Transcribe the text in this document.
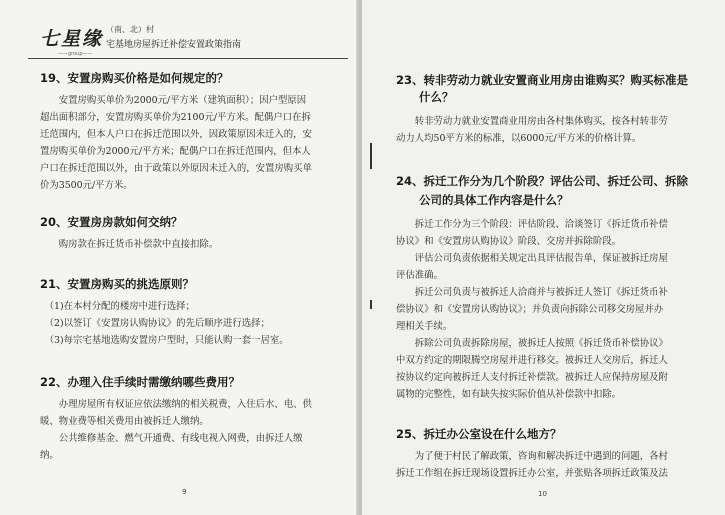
七星缘
——group——
（南、北）村
宅基地房屋拆迁补偿安置政策指南
19、安置房购买价格是如何规定的？
　　安置房购买单价为2000元/平方米（建筑面积）；因户型原因
超出面积部分，安置房购买单价为2100元/平方米。配偶户口在拆
迁范围内，但本人户口在拆迁范围以外，因政策原因未迁入的，安
置房购买单价为2000元/平方米；配偶户口在拆迁范围内，但本人
户口在拆迁范围以外，由于政策以外原因未迁入的，安置房购买单
价为3500元/平方米。
20、安置房房款如何交纳？
　　购房款在拆迁货币补偿款中直接扣除。
21、安置房购买的挑选原则？
　（1)在本村分配的楼房中进行选择；
　（2)以签订《安置房认购协议》的先后顺序进行选择；
　（3)每宗宅基地选购安置房户型时，只能认购一套一居室。
22、办理入住手续时需缴纳哪些费用？
　　办理房屋所有权证应依法缴纳的相关税费，入住后水、电、供
暖、物业费等相关费用由被拆迁人缴纳。
　　公共维修基金、燃气开通费、有线电视入网费，由拆迁人缴
纳。
9
23、转非劳动力就业安置商业用房由谁购买？购买标准是
　　什么？
　　转非劳动力就业安置商业用房由各村集体购买，按各村转非劳
动力人均50平方米的标准，以6000元/平方米的价格计算。
24、拆迁工作分为几个阶段？评估公司、拆迁公司、拆除
　　公司的具体工作内容是什么？
　　拆迁工作分为三个阶段：评估阶段、洽谈签订《拆迁货币补偿
协议》和《安置房认购协议》阶段、交房并拆除阶段。
　　评估公司负责依据相关规定出具评估报告单，保证被拆迁房屋
评估准确。
　　拆迁公司负责与被拆迁人洽商并与被拆迁人签订《拆迁货币补
偿协议》和《安置房认购协议》；并负责向拆除公司移交房屋并办
理相关手续。
　　拆除公司负责拆除房屋，被拆迁人按照《拆迁货币补偿协议》
中双方约定的期限腾空房屋并进行移交。被拆迁人交房后，拆迁人
按协议约定向被拆迁人支付拆迁补偿款。被拆迁人应保持房屋及附
属物的完整性，如有缺失按实际价值从补偿款中扣除。
25、拆迁办公室设在什么地方？
　　为了便于村民了解政策，咨询和解决拆迁中遇到的问题，各村
拆迁工作组在拆迁现场设置拆迁办公室，并张贴各项拆迁政策及法
10
